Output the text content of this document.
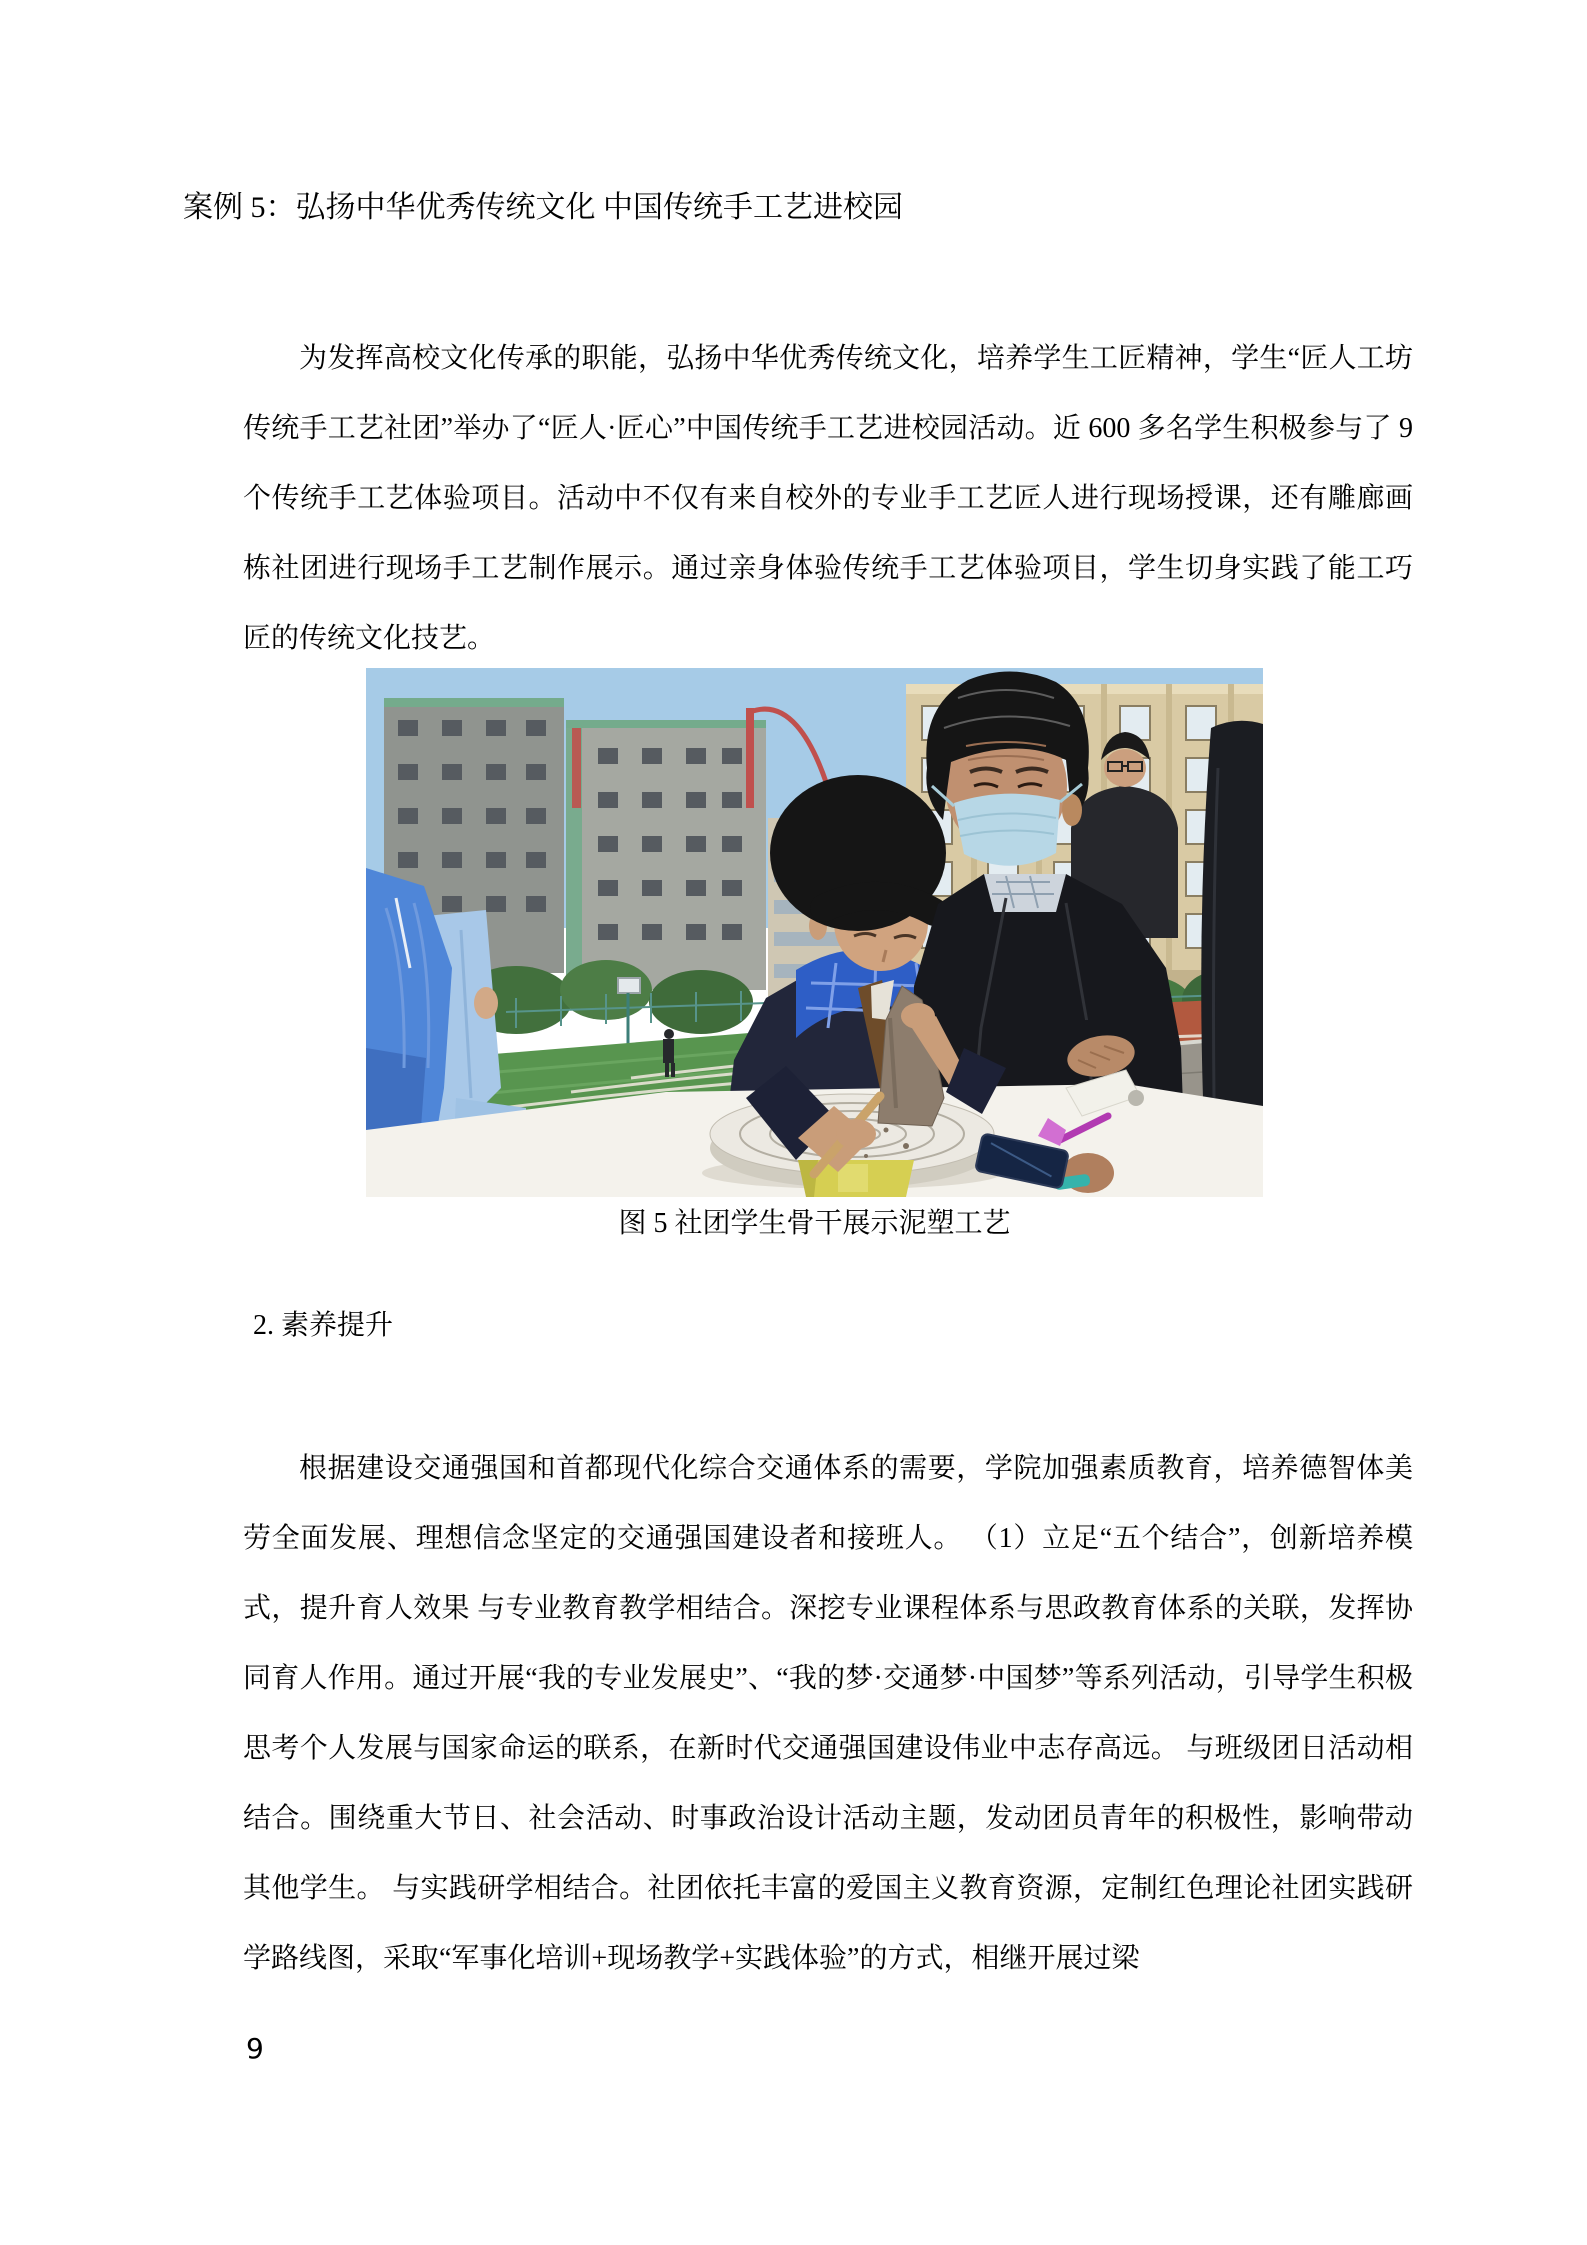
案例 5：弘扬中华优秀传统文化 中国传统手工艺进校园
为发挥高校文化传承的职能，弘扬中华优秀传统文化，培养学生工匠精神，学生“匠人工坊传统手工艺社团”举办了“匠人·匠心”中国传统手工艺进校园活动。近 600 多名学生积极参与了 9 个传统手工艺体验项目。活动中不仅有来自校外的专业手工艺匠人进行现场授课，还有雕廊画栋社团进行现场手工艺制作展示。通过亲身体验传统手工艺体验项目，学生切身实践了能工巧匠的传统文化技艺。
图 5 社团学生骨干展示泥塑工艺
2. 素养提升
根据建设交通强国和首都现代化综合交通体系的需要，学院加强素质教育，培养德智体美劳全面发展、理想信念坚定的交通强国建设者和接班人。 （1）立足“五个结合”，创新培养模式，提升育人效果 与专业教育教学相结合。深挖专业课程体系与思政教育体系的关联，发挥协同育人作用。通过开展“我的专业发展史”、“我的梦·交通梦·中国梦”等系列活动，引导学生积极思考个人发展与国家命运的联系，在新时代交通强国建设伟业中志存高远。 与班级团日活动相结合。围绕重大节日、社会活动、时事政治设计活动主题，发动团员青年的积极性，影响带动其他学生。 与实践研学相结合。社团依托丰富的爱国主义教育资源，定制红色理论社团实践研学路线图，采取“军事化培训+现场教学+实践体验”的方式，相继开展过梁
9
